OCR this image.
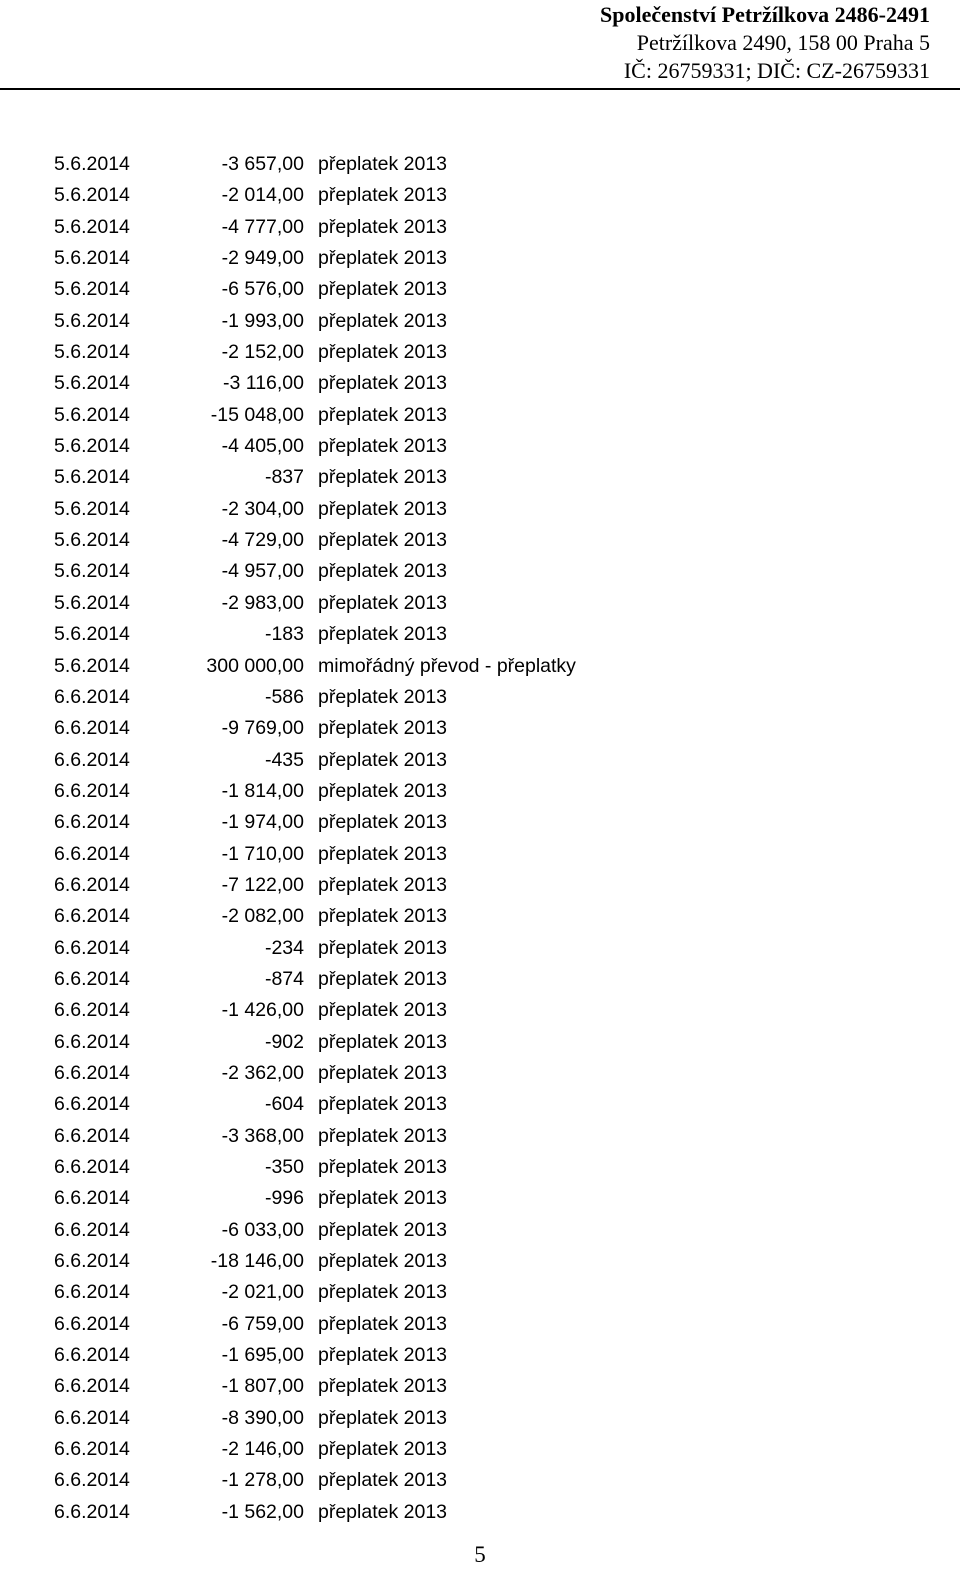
Společenství Petržílkova 2486-2491
Petržílkova 2490, 158 00 Praha 5
IČ: 26759331; DIČ: CZ-26759331
5.6.2014	-3 657,00 přeplatek 2013
5.6.2014	-2 014,00 přeplatek 2013
5.6.2014	-4 777,00 přeplatek 2013
5.6.2014	-2 949,00 přeplatek 2013
5.6.2014	-6 576,00 přeplatek 2013
5.6.2014	-1 993,00 přeplatek 2013
5.6.2014	-2 152,00 přeplatek 2013
5.6.2014	-3 116,00 přeplatek 2013
5.6.2014	-15 048,00 přeplatek 2013
5.6.2014	-4 405,00 přeplatek 2013
5.6.2014	-837 přeplatek 2013
5.6.2014	-2 304,00 přeplatek 2013
5.6.2014	-4 729,00 přeplatek 2013
5.6.2014	-4 957,00 přeplatek 2013
5.6.2014	-2 983,00 přeplatek 2013
5.6.2014	-183 přeplatek 2013
5.6.2014	300 000,00 mimořádný převod - přeplatky
6.6.2014	-586 přeplatek 2013
6.6.2014	-9 769,00 přeplatek 2013
6.6.2014	-435 přeplatek 2013
6.6.2014	-1 814,00 přeplatek 2013
6.6.2014	-1 974,00 přeplatek 2013
6.6.2014	-1 710,00 přeplatek 2013
6.6.2014	-7 122,00 přeplatek 2013
6.6.2014	-2 082,00 přeplatek 2013
6.6.2014	-234 přeplatek 2013
6.6.2014	-874 přeplatek 2013
6.6.2014	-1 426,00 přeplatek 2013
6.6.2014	-902 přeplatek 2013
6.6.2014	-2 362,00 přeplatek 2013
6.6.2014	-604 přeplatek 2013
6.6.2014	-3 368,00 přeplatek 2013
6.6.2014	-350 přeplatek 2013
6.6.2014	-996 přeplatek 2013
6.6.2014	-6 033,00 přeplatek 2013
6.6.2014	-18 146,00 přeplatek 2013
6.6.2014	-2 021,00 přeplatek 2013
6.6.2014	-6 759,00 přeplatek 2013
6.6.2014	-1 695,00 přeplatek 2013
6.6.2014	-1 807,00 přeplatek 2013
6.6.2014	-8 390,00 přeplatek 2013
6.6.2014	-2 146,00 přeplatek 2013
6.6.2014	-1 278,00 přeplatek 2013
6.6.2014	-1 562,00 přeplatek 2013
5
